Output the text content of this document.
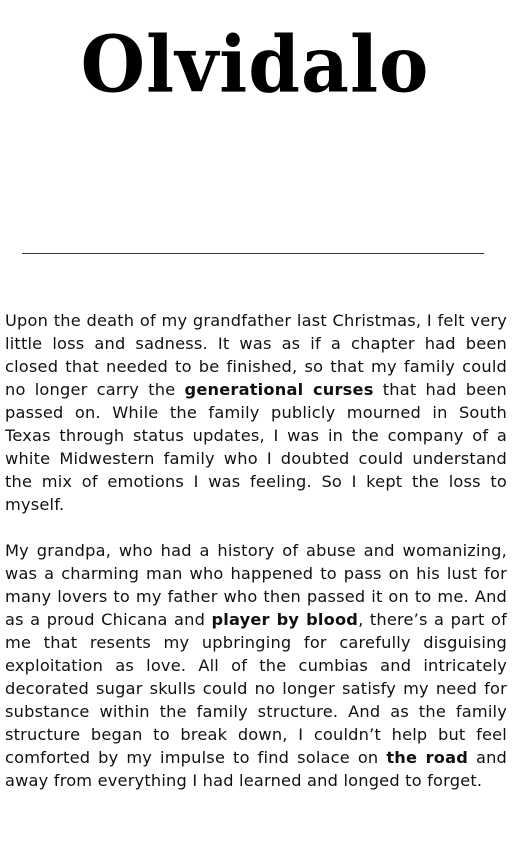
Olvidalo

Upon the death of my grandfather last Christmas, I felt very little loss and sadness. It was as if a chapter had been closed that needed to be finished, so that my family could no longer carry the generational curses that had been passed on. While the family publicly mourned in South Texas through status updates, I was in the company of a white Midwestern family who I doubted could understand the mix of emotions I was feeling. So I kept the loss to myself.

My grandpa, who had a history of abuse and womanizing, was a charming man who happened to pass on his lust for many lovers to my father who then passed it on to me. And as a proud Chicana and player by blood, there’s a part of me that resents my upbringing for carefully disguising exploitation as love. All of the cumbias and intricately decorated sugar skulls could no longer satisfy my need for substance within the family structure. And as the family structure began to break down, I couldn’t help but feel comforted by my impulse to find solace on the road and away from everything I had learned and longed to forget.
